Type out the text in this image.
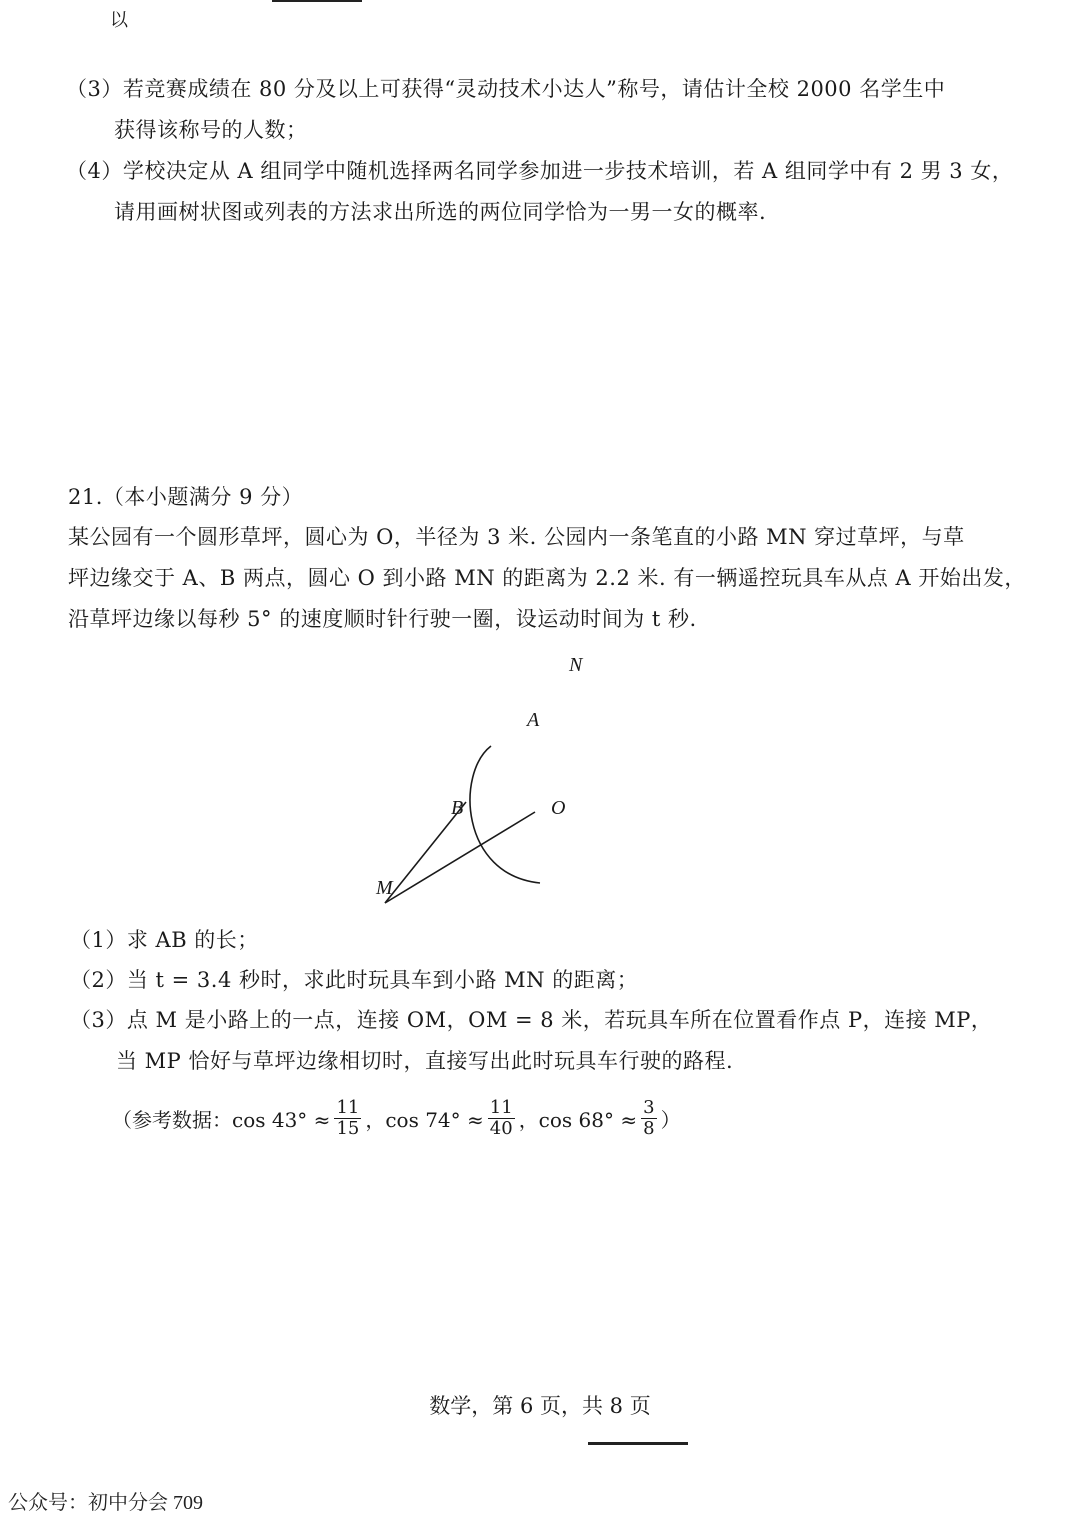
以
（3）若竞赛成绩在 80 分及以上可获得“灵动技术小达人”称号，请估计全校 2000 名学生中
获得该称号的人数；
（4）学校决定从 A 组同学中随机选择两名同学参加进一步技术培训，若 A 组同学中有 2 男 3 女，
请用画树状图或列表的方法求出所选的两位同学恰为一男一女的概率.
21.（本小题满分 9 分）
某公园有一个圆形草坪，圆心为 O，半径为 3 米. 公园内一条笔直的小路 MN 穿过草坪，与草
坪边缘交于 A、B 两点，圆心 O 到小路 MN 的距离为 2.2 米. 有一辆遥控玩具车从点 A 开始出发，
沿草坪边缘以每秒 5° 的速度顺时针行驶一圈，设运动时间为 t 秒.
N
A
B	O
M
（1）求 AB 的长；
（2）当 t = 3.4 秒时，求此时玩具车到小路 MN 的距离；
（3）点 M 是小路上的一点，连接 OM，OM = 8 米，若玩具车所在位置看作点 P，连接 MP，
当 MP 恰好与草坪边缘相切时，直接写出此时玩具车行驶的路程.
（参考数据：$\cos 43^\circ \approx \frac{11}{15}$ ，$\cos 74^\circ \approx \frac{11}{40}$ ，$\cos 68^\circ \approx \frac{3}{8}$ ）
数学，第 6 页，共 8 页
公众号：初中分会 709
